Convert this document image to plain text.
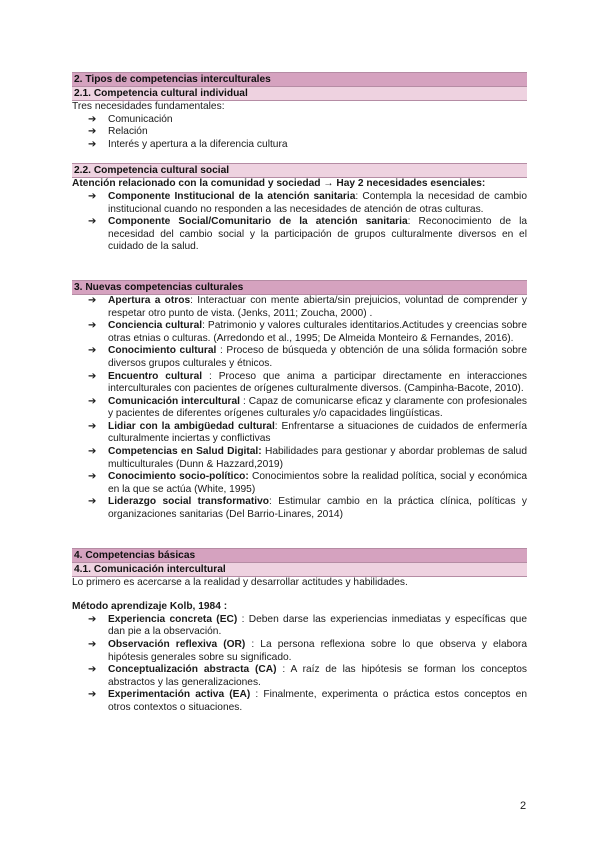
2. Tipos de competencias interculturales
2.1. Competencia cultural individual

Tres necesidades fundamentales:

➔ Comunicación
➔ Relación
➔ Interés y apertura a la diferencia cultura
2.2. Competencia cultural social

Atención relacionado con la comunidad y sociedad → Hay 2 necesidades esenciales:

➔ Componente Institucional de la atención sanitaria: Contempla la necesidad de cambio institucional cuando no responden a las necesidades de atención de otras culturas.
➔ Componente Social/Comunitario de la atención sanitaria: Reconocimiento de la necesidad del cambio social y la participación de grupos culturalmente diversos en el cuidado de la salud.
3. Nuevas competencias culturales
➔ Apertura a otros: Interactuar con mente abierta/sin prejuicios, voluntad de comprender y respetar otro punto de vista. (Jenks, 2011; Zoucha, 2000) .
➔ Conciencia cultural: Patrimonio y valores culturales identitarios.Actitudes y creencias sobre otras etnias o culturas. (Arredondo et al., 1995; De Almeida Monteiro & Fernandes, 2016).
➔ Conocimiento cultural : Proceso de búsqueda y obtención de una sólida formación sobre diversos grupos culturales y étnicos.
➔ Encuentro cultural : Proceso que anima a participar directamente en interacciones interculturales con pacientes de orígenes culturalmente diversos. (Campinha-Bacote, 2010).
➔ Comunicación intercultural : Capaz de comunicarse eficaz y claramente con profesionales y pacientes de diferentes orígenes culturales y/o capacidades lingüísticas.
➔ Lidiar con la ambigüedad cultural: Enfrentarse a situaciones de cuidados de enfermería culturalmente inciertas y conflictivas
➔ Competencias en Salud Digital: Habilidades para gestionar y abordar problemas de salud multiculturales (Dunn & Hazzard,2019)
➔ Conocimiento socio-político: Conocimientos sobre la realidad política, social y económica en la que se actúa (White, 1995)
➔ Liderazgo social transformativo: Estimular cambio en la práctica clínica, políticas y organizaciones sanitarias (Del Barrio-Linares, 2014)
4. Competencias básicas
4.1. Comunicación intercultural

Lo primero es acercarse a la realidad y desarrollar actitudes y habilidades.

Método aprendizaje Kolb, 1984 :

➔ Experiencia concreta (EC) : Deben darse las experiencias inmediatas y específicas que dan pie a la observación.
➔ Observación reflexiva (OR) : La persona reflexiona sobre lo que observa y elabora hipótesis generales sobre su significado.
➔ Conceptualización abstracta (CA) : A raíz de las hipótesis se forman los conceptos abstractos y las generalizaciones.
➔ Experimentación activa (EA) : Finalmente, experimenta o práctica estos conceptos en otros contextos o situaciones.
2
